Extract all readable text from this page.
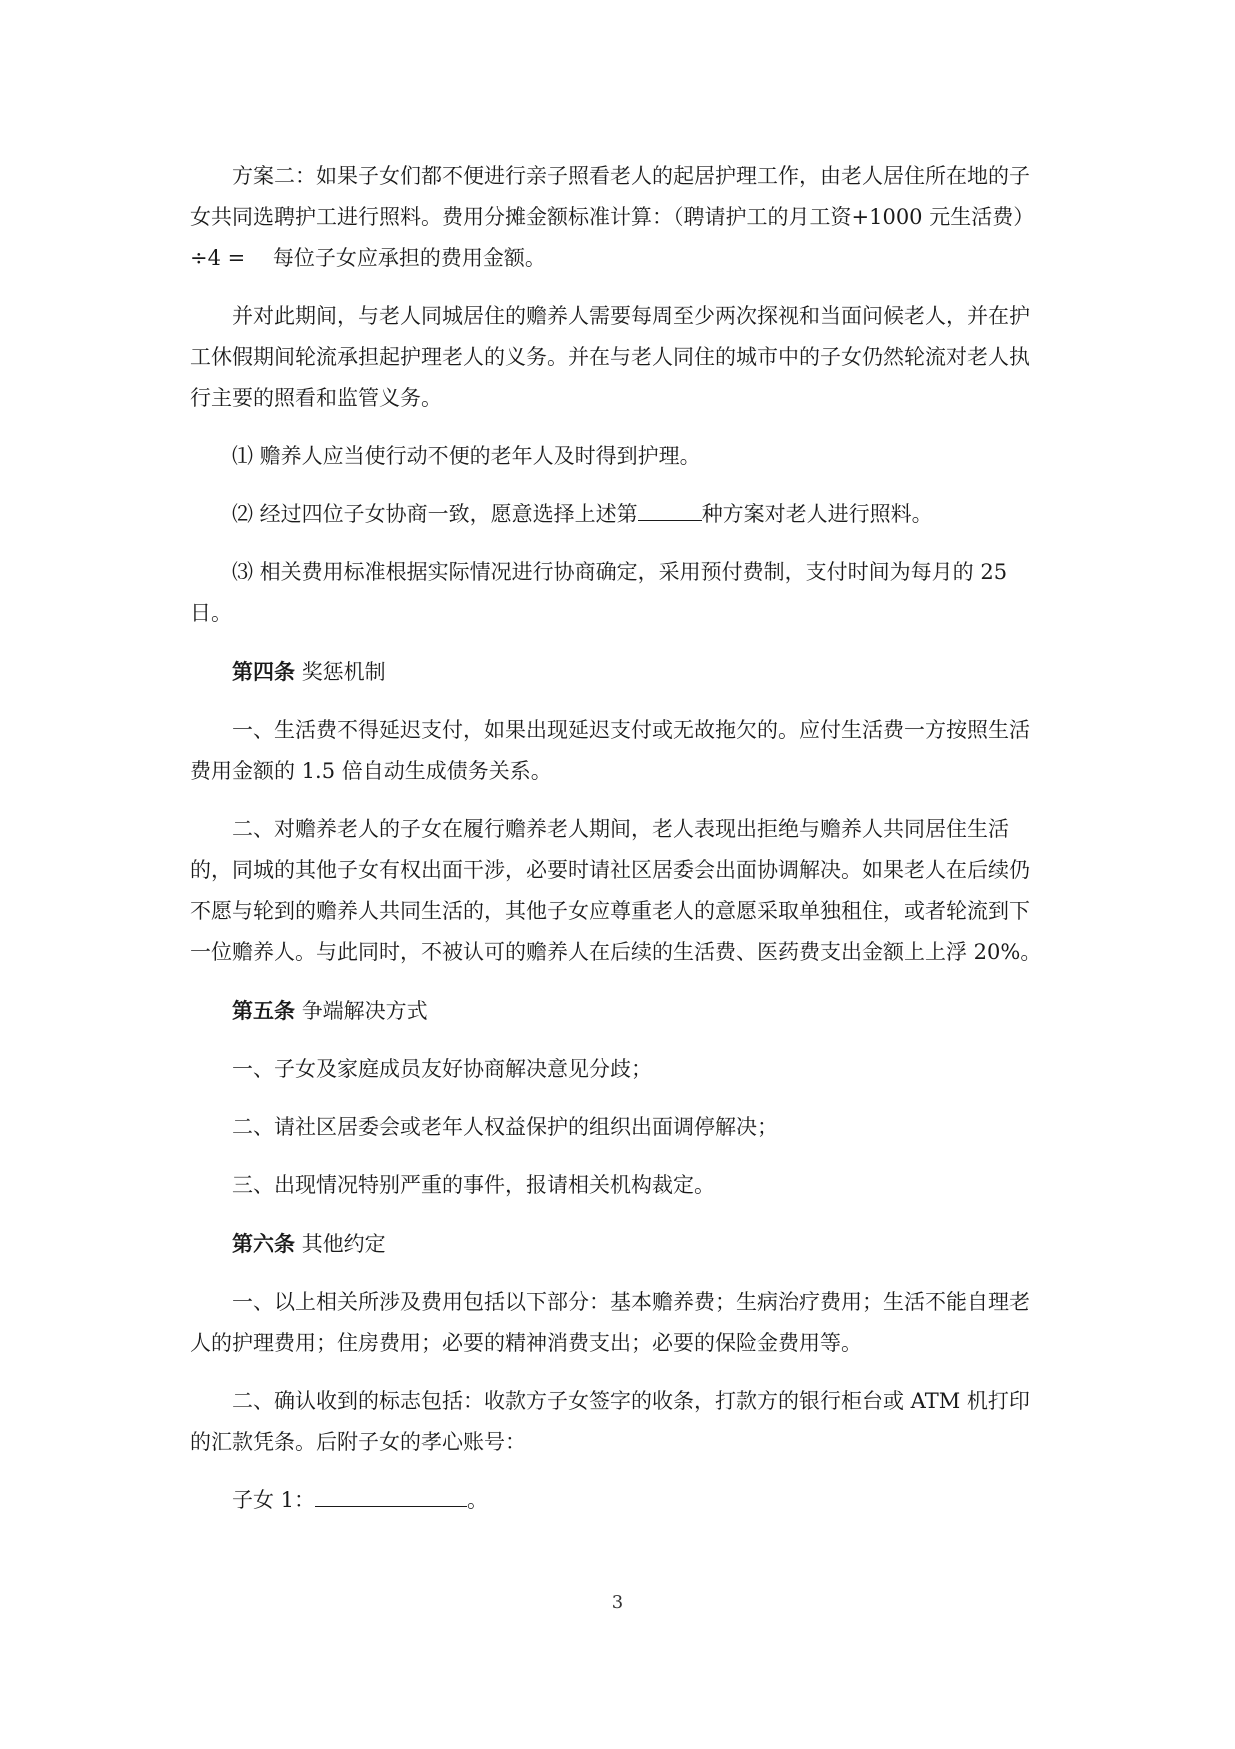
方案二：如果子女们都不便进行亲子照看老人的起居护理工作，由老人居住所在地的子女共同选聘护工进行照料。费用分摊金额标准计算：（聘请护工的月工资+1000 元生活费）÷4 =　 每位子女应承担的费用金额。

并对此期间，与老人同城居住的赡养人需要每周至少两次探视和当面问候老人，并在护工休假期间轮流承担起护理老人的义务。并在与老人同住的城市中的子女仍然轮流对老人执行主要的照看和监管义务。

⑴ 赡养人应当使行动不便的老年人及时得到护理。

⑵ 经过四位子女协商一致，愿意选择上述第	种方案对老人进行照料。

⑶ 相关费用标准根据实际情况进行协商确定，采用预付费制，支付时间为每月的 25 日。

第四条 奖惩机制

一、生活费不得延迟支付，如果出现延迟支付或无故拖欠的。应付生活费一方按照生活费用金额的 1.5 倍自动生成债务关系。

二、对赡养老人的子女在履行赡养老人期间，老人表现出拒绝与赡养人共同居住生活的，同城的其他子女有权出面干涉，必要时请社区居委会出面协调解决。如果老人在后续仍不愿与轮到的赡养人共同生活的，其他子女应尊重老人的意愿采取单独租住，或者轮流到下一位赡养人。与此同时，不被认可的赡养人在后续的生活费、医药费支出金额上上浮 20%。

第五条 争端解决方式

一、子女及家庭成员友好协商解决意见分歧；

二、请社区居委会或老年人权益保护的组织出面调停解决；

三、出现情况特别严重的事件，报请相关机构裁定。

第六条 其他约定

一、以上相关所涉及费用包括以下部分：基本赡养费；生病治疗费用；生活不能自理老人的护理费用；住房费用；必要的精神消费支出；必要的保险金费用等。

二、确认收到的标志包括：收款方子女签字的收条，打款方的银行柜台或 ATM 机打印的汇款凭条。后附子女的孝心账号：

子女 1：	。

3
